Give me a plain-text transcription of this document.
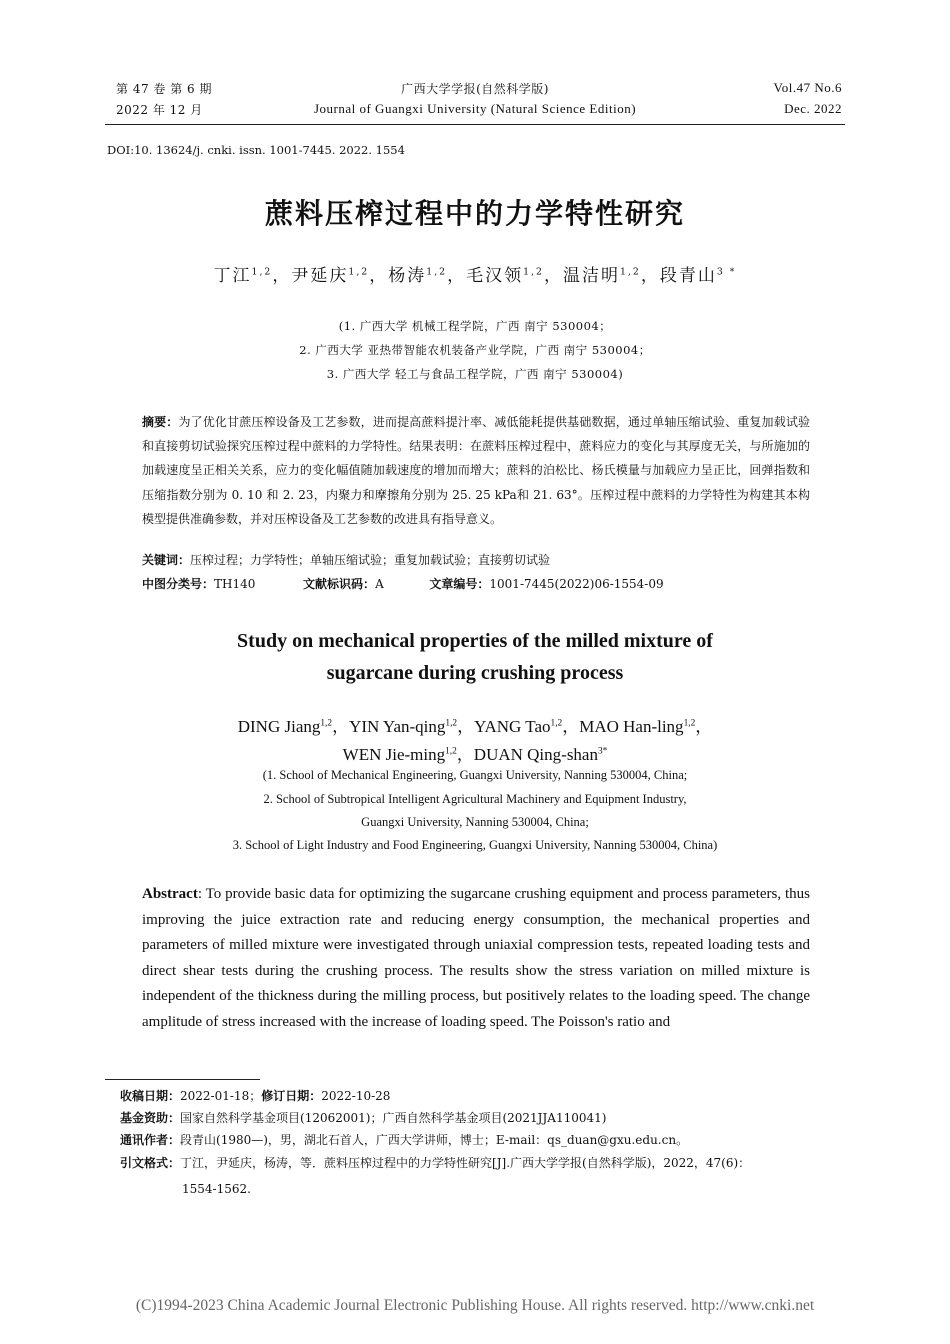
第 47 卷 第 6 期
2022 年 12 月
广西大学学报(自然科学版)
Journal of Guangxi University (Natural Science Edition)
Vol.47 No.6
Dec. 2022
DOI:10. 13624/j. cnki. issn. 1001-7445. 2022. 1554
蔗料压榨过程中的力学特性研究
丁江$^{1,2}$，尹延庆$^{1,2}$，杨涛$^{1,2}$，毛汉领$^{1,2}$，温洁明$^{1,2}$，段青山$^{3 *}$
(1. 广西大学 机械工程学院，广西 南宁 530004；
2. 广西大学 亚热带智能农机装备产业学院，广西 南宁 530004；
3. 广西大学 轻工与食品工程学院，广西 南宁 530004)
摘要：为了优化甘蔗压榨设备及工艺参数，进而提高蔗料提汁率、减低能耗提供基础数据，通过单轴压缩试验、重复加载试验和直接剪切试验探究压榨过程中蔗料的力学特性。结果表明：在蔗料压榨过程中，蔗料应力的变化与其厚度无关，与所施加的加载速度呈正相关关系，应力的变化幅值随加载速度的增加而增大；蔗料的泊松比、杨氏模量与加载应力呈正比，回弹指数和压缩指数分别为 0. 10 和 2. 23，内聚力和摩擦角分别为 25. 25 kPa和 21. 63°。压榨过程中蔗料的力学特性为构建其本构模型提供准确参数，并对压榨设备及工艺参数的改进具有指导意义。
关键词：压榨过程；力学特性；单轴压缩试验；重复加载试验；直接剪切试验
中图分类号：TH140	文献标识码：A	文章编号：1001-7445(2022)06-1554-09
Study on mechanical properties of the milled mixture of
sugarcane during crushing process
DING Jiang$^{1,2}$，YIN Yan-qing$^{1,2}$，YANG Tao$^{1,2}$，MAO Han-ling$^{1,2}$，
WEN Jie-ming$^{1,2}$，DUAN Qing-shan$^{3*}$
(1. School of Mechanical Engineering, Guangxi University, Nanning 530004, China;
2. School of Subtropical Intelligent Agricultural Machinery and Equipment Industry,
Guangxi University, Nanning 530004, China;
3. School of Light Industry and Food Engineering, Guangxi University, Nanning 530004, China)
Abstract: To provide basic data for optimizing the sugarcane crushing equipment and process parameters, thus improving the juice extraction rate and reducing energy consumption, the mechanical properties and parameters of milled mixture were investigated through uniaxial compression tests, repeated loading tests and direct shear tests during the crushing process. The results show the stress variation on milled mixture is independent of the thickness during the milling process, but positively relates to the loading speed. The change amplitude of stress increased with the increase of loading speed. The Poisson's ratio and
收稿日期：2022-01-18；修订日期：2022-10-28
基金资助：国家自然科学基金项目(12062001)；广西自然科学基金项目(2021JJA110041)
通讯作者：段青山(1980—)，男，湖北石首人，广西大学讲师，博士；E-mail：qs_duan@gxu.edu.cn。
引文格式：丁江，尹延庆，杨涛，等．蔗料压榨过程中的力学特性研究[J].广西大学学报(自然科学版)，2022，47(6)：
1554-1562.
(C)1994-2023 China Academic Journal Electronic Publishing House. All rights reserved. http://www.cnki.net
